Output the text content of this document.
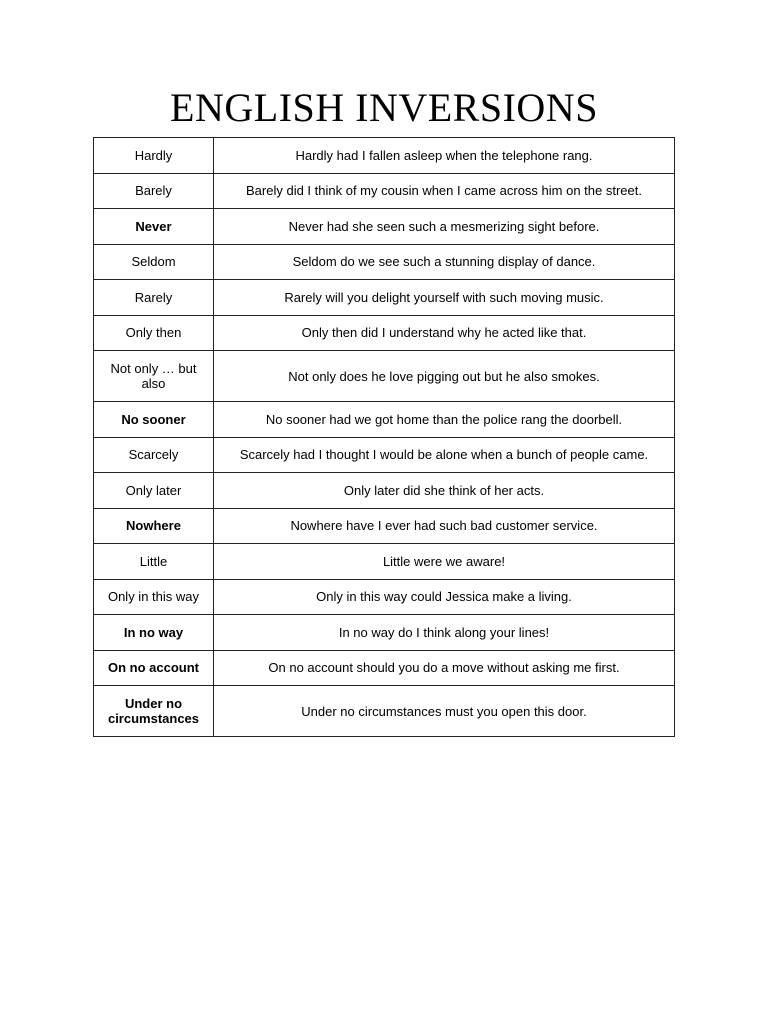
ENGLISH INVERSIONS
Hardly	Hardly had I fallen asleep when the telephone rang.
Barely	Barely did I think of my cousin when I came across him on the street.
Never	Never had she seen such a mesmerizing sight before.
Seldom	Seldom do we see such a stunning display of dance.
Rarely	Rarely will you delight yourself with such moving music.
Only then	Only then did I understand why he acted like that.
Not only … but also	Not only does he love pigging out but he also smokes.
No sooner	No sooner had we got home than the police rang the doorbell.
Scarcely	Scarcely had I thought I would be alone when a bunch of people came.
Only later	Only later did she think of her acts.
Nowhere	Nowhere have I ever had such bad customer service.
Little	Little were we aware!
Only in this way	Only in this way could Jessica make a living.
In no way	In no way do I think along your lines!
On no account	On no account should you do a move without asking me first.
Under no circumstances	Under no circumstances must you open this door.
